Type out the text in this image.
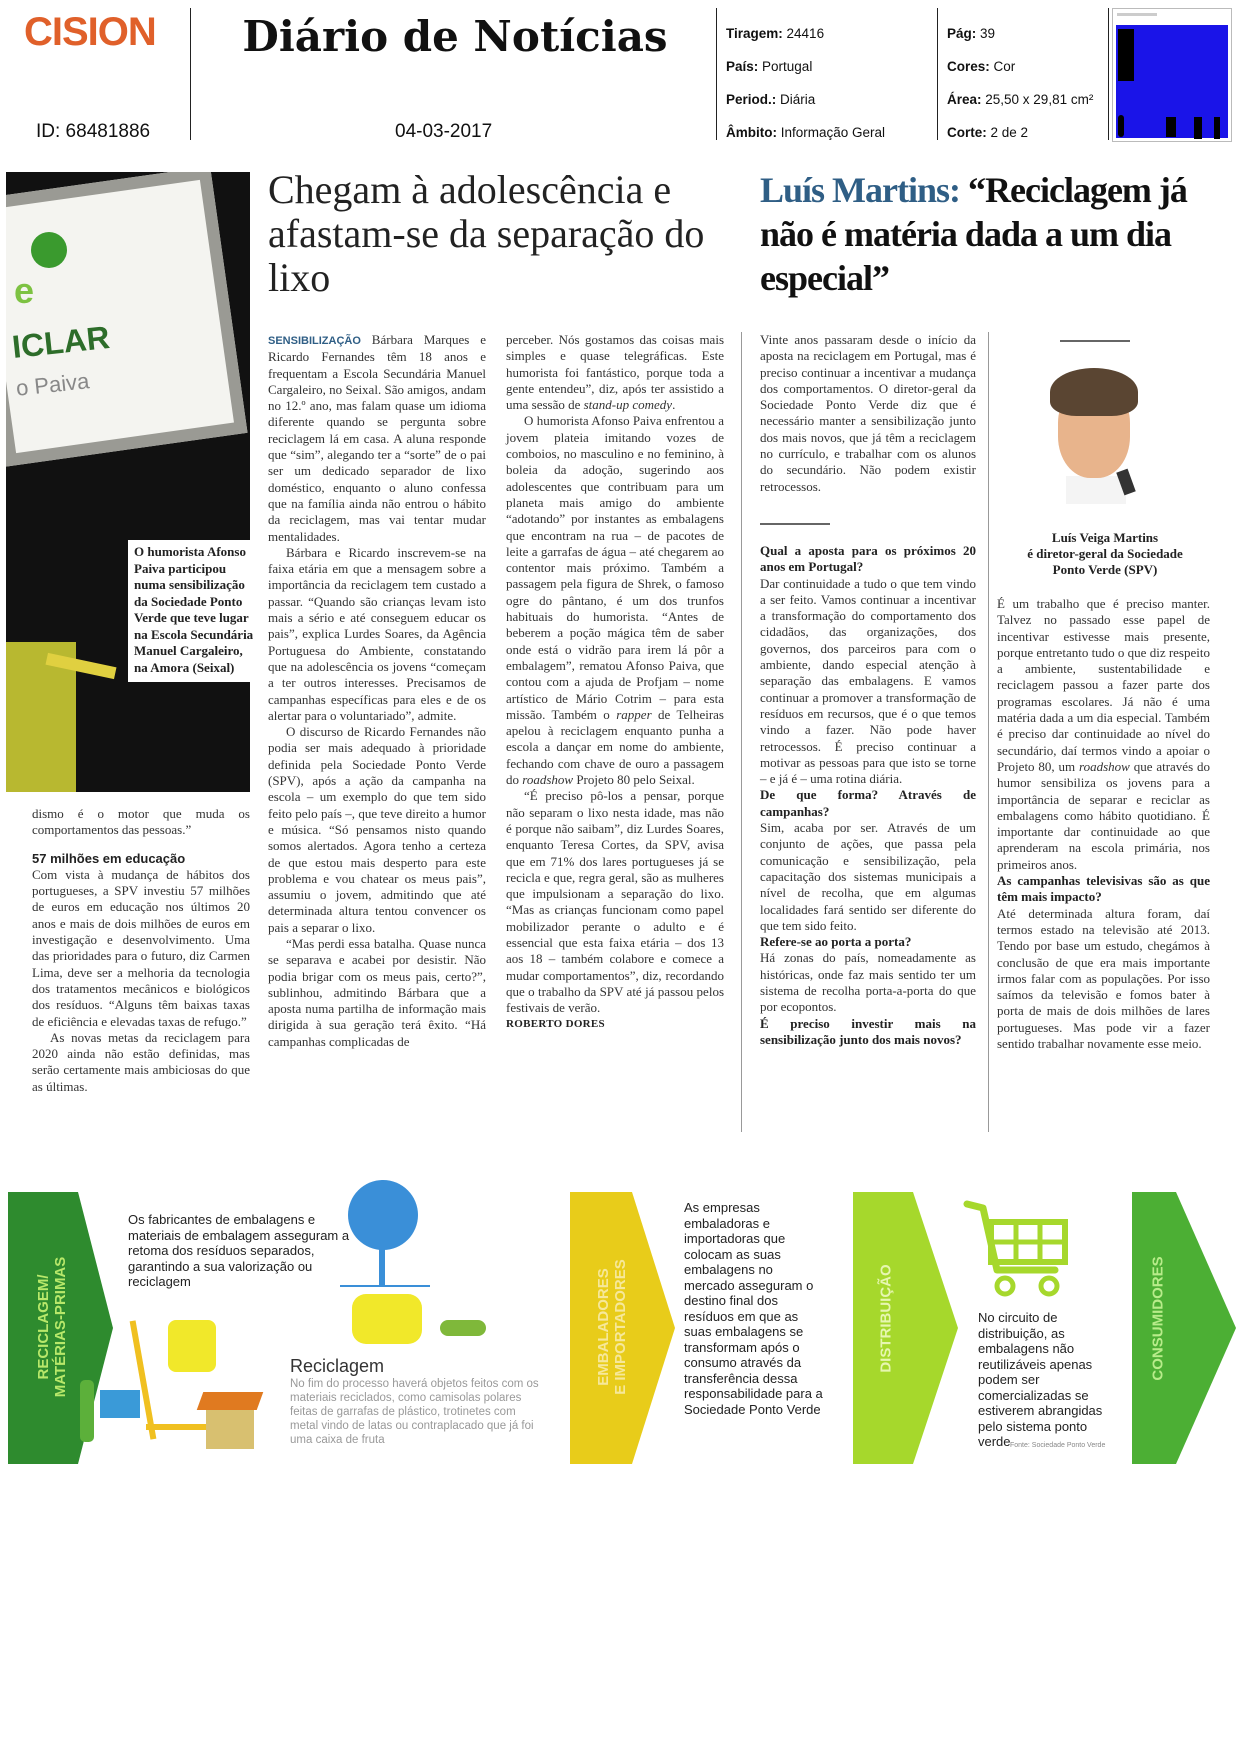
CISION
ID: 68481886
Diário de Notícias
04-03-2017
Tiragem: 24416
País: Portugal
Period.: Diária
Âmbito: Informação Geral
Pág: 39
Cores: Cor
Área: 25,50 x 29,81 cm²
Corte: 2 de 2
e
ICLAR
o Paiva
O humorista Afonso Paiva participou numa sensibilização da Sociedade Ponto Verde que teve lugar na Escola Secundária Manuel Cargaleiro, na Amora (Seixal)
Chegam à adolescência e afastam-se da separação do lixo

dismo é o motor que muda os comportamentos das pessoas.”

57 milhões em educação

Com vista à mudança de hábitos dos portugueses, a SPV investiu 57 milhões de euros em educação nos últimos 20 anos e mais de dois milhões de euros em investigação e desenvolvimento. Uma das prioridades para o futuro, diz Carmen Lima, deve ser a melhoria da tecnologia dos tratamentos mecânicos e biológicos dos resíduos. “Alguns têm baixas taxas de eficiência e elevadas taxas de refugo.”

As novas metas da reciclagem para 2020 ainda não estão definidas, mas serão certamente mais ambiciosas do que as últimas.

SENSIBILIZAÇÃO Bárbara Marques e Ricardo Fernandes têm 18 anos e frequentam a Escola Secundária Manuel Cargaleiro, no Seixal. São amigos, andam no 12.º ano, mas falam quase um idioma diferente quando se pergunta sobre reciclagem lá em casa. A aluna responde que “sim”, alegando ter a “sorte” de o pai ser um dedicado separador de lixo doméstico, enquanto o aluno confessa que na família ainda não entrou o hábito da reciclagem, mas vai tentar mudar mentalidades.

Bárbara e Ricardo inscrevem-se na faixa etária em que a mensagem sobre a importância da reciclagem tem custado a passar. “Quando são crianças levam isto mais a sério e até conseguem educar os pais”, explica Lurdes Soares, da Agência Portuguesa do Ambiente, constatando que na adolescência os jovens “começam a ter outros interesses. Precisamos de campanhas específicas para eles e de os alertar para o voluntariado”, admite.

O discurso de Ricardo Fernandes não podia ser mais adequado à prioridade definida pela Sociedade Ponto Verde (SPV), após a ação da campanha na escola – um exemplo do que tem sido feito pelo país –, que teve direito a humor e música. “Só pensamos nisto quando somos alertados. Agora tenho a certeza de que estou mais desperto para este problema e vou chatear os meus pais”, assumiu o jovem, admitindo que até determinada altura tentou convencer os pais a separar o lixo.

“Mas perdi essa batalha. Quase nunca se separava e acabei por desistir. Não podia brigar com os meus pais, certo?”, sublinhou, admitindo Bárbara que a aposta numa partilha de informação mais dirigida à sua geração terá êxito. “Há campanhas complicadas de

perceber. Nós gostamos das coisas mais simples e quase telegráficas. Este humorista foi fantástico, porque toda a gente entendeu”, diz, após ter assistido a uma sessão de stand-up comedy.

O humorista Afonso Paiva enfrentou a jovem plateia imitando vozes de comboios, no masculino e no feminino, à boleia da adoção, sugerindo aos adolescentes que contribuam para um planeta mais amigo do ambiente “adotando” por instantes as embalagens que encontram na rua – de pacotes de leite a garrafas de água – até chegarem ao contentor mais próximo. Também a passagem pela figura de Shrek, o famoso ogre do pântano, é um dos trunfos habituais do humorista. “Antes de beberem a poção mágica têm de saber onde está o vidrão para irem lá pôr a embalagem”, rematou Afonso Paiva, que contou com a ajuda de Profjam – nome artístico de Mário Cotrim – para esta missão. Também o rapper de Telheiras apelou à reciclagem enquanto punha a escola a dançar em nome do ambiente, fechando com chave de ouro a passagem do roadshow Projeto 80 pelo Seixal.

“É preciso pô-los a pensar, porque não separam o lixo nesta idade, mas não é porque não saibam”, diz Lurdes Soares, enquanto Teresa Cortes, da SPV, avisa que em 71% dos lares portugueses já se recicla e que, regra geral, são as mulheres que impulsionam a separação do lixo. “Mas as crianças funcionam como papel mobilizador perante o adulto e é essencial que esta faixa etária – dos 13 aos 18 – também colabore e comece a mudar comportamentos”, diz, recordando que o trabalho da SPV até já passou pelos festivais de verão.

ROBERTO DORES
Luís Martins: “Reciclagem já não é matéria dada a um dia especial”

Vinte anos passaram desde o início da aposta na reciclagem em Portugal, mas é preciso continuar a incentivar a mudança dos comportamentos. O diretor-geral da Sociedade Ponto Verde diz que é necessário manter a sensibilização junto dos mais novos, que já têm a reciclagem no currículo, e trabalhar com os alunos do secundário. Não podem existir retrocessos.

Qual a aposta para os próximos 20 anos em Portugal?

Dar continuidade a tudo o que tem vindo a ser feito. Vamos continuar a incentivar a transformação do comportamento dos cidadãos, das organizações, dos governos, dos parceiros para com o ambiente, dando especial atenção à separação das embalagens. E vamos continuar a promover a transformação de resíduos em recursos, que é o que temos vindo a fazer. Não pode haver retrocessos. É preciso continuar a motivar as pessoas para que isto se torne – e já é – uma rotina diária.

De que forma? Através de campanhas?

Sim, acaba por ser. Através de um conjunto de ações, que passa pela comunicação e sensibilização, pela capacitação dos sistemas municipais a nível de recolha, que em algumas localidades fará sentido ser diferente do que tem sido feito.

Refere-se ao porta a porta?

Há zonas do país, nomeadamente as históricas, onde faz mais sentido ter um sistema de recolha porta-a-porta do que por ecopontos.

É preciso investir mais na sensibilização junto dos mais novos?
Luís Veiga Martins
é diretor-geral da Sociedade Ponto Verde (SPV)

É um trabalho que é preciso manter. Talvez no passado esse papel de incentivar estivesse mais presente, porque entretanto tudo o que diz respeito a ambiente, sustentabilidade e reciclagem passou a fazer parte dos programas escolares. Já não é uma matéria dada a um dia especial. Também é preciso dar continuidade ao nível do secundário, daí termos vindo a apoiar o Projeto 80, um roadshow que através do humor sensibiliza os jovens para a importância de separar e reciclar as embalagens como hábito quotidiano. É importante dar continuidade ao que aprenderam na escola primária, nos primeiros anos.

As campanhas televisivas são as que têm mais impacto?

Até determinada altura foram, daí termos estado na televisão até 2013. Tendo por base um estudo, chegámos à conclusão de que era mais importante irmos falar com as populações. Por isso saímos da televisão e fomos bater à porta de mais de dois milhões de lares portugueses. Mas pode vir a fazer sentido trabalhar novamente esse meio.

RECICLAGEM/ MATÉRIAS-PRIMAS
Os fabricantes de embalagens e materiais de embalagem asseguram a retoma dos resíduos separados, garantindo a sua valorização ou reciclagem
Reciclagem
No fim do processo haverá objetos feitos com os materiais reciclados, como camisolas polares feitas de garrafas de plástico, trotinetes com metal vindo de latas ou contraplacado que já foi uma caixa de fruta
EMBALADORES E IMPORTADORES
As empresas embaladoras e importadoras que colocam as suas embalagens no mercado asseguram o destino final dos resíduos em que as suas embalagens se transformam após o consumo através da transferência dessa responsabilidade para a Sociedade Ponto Verde
DISTRIBUIÇÃO	No circuito de distribuição, as embalagens não reutilizáveis apenas podem ser comercializadas se estiverem abrangidas pelo sistema ponto verde Fonte: Sociedade Ponto Verde
CONSUMIDORES
